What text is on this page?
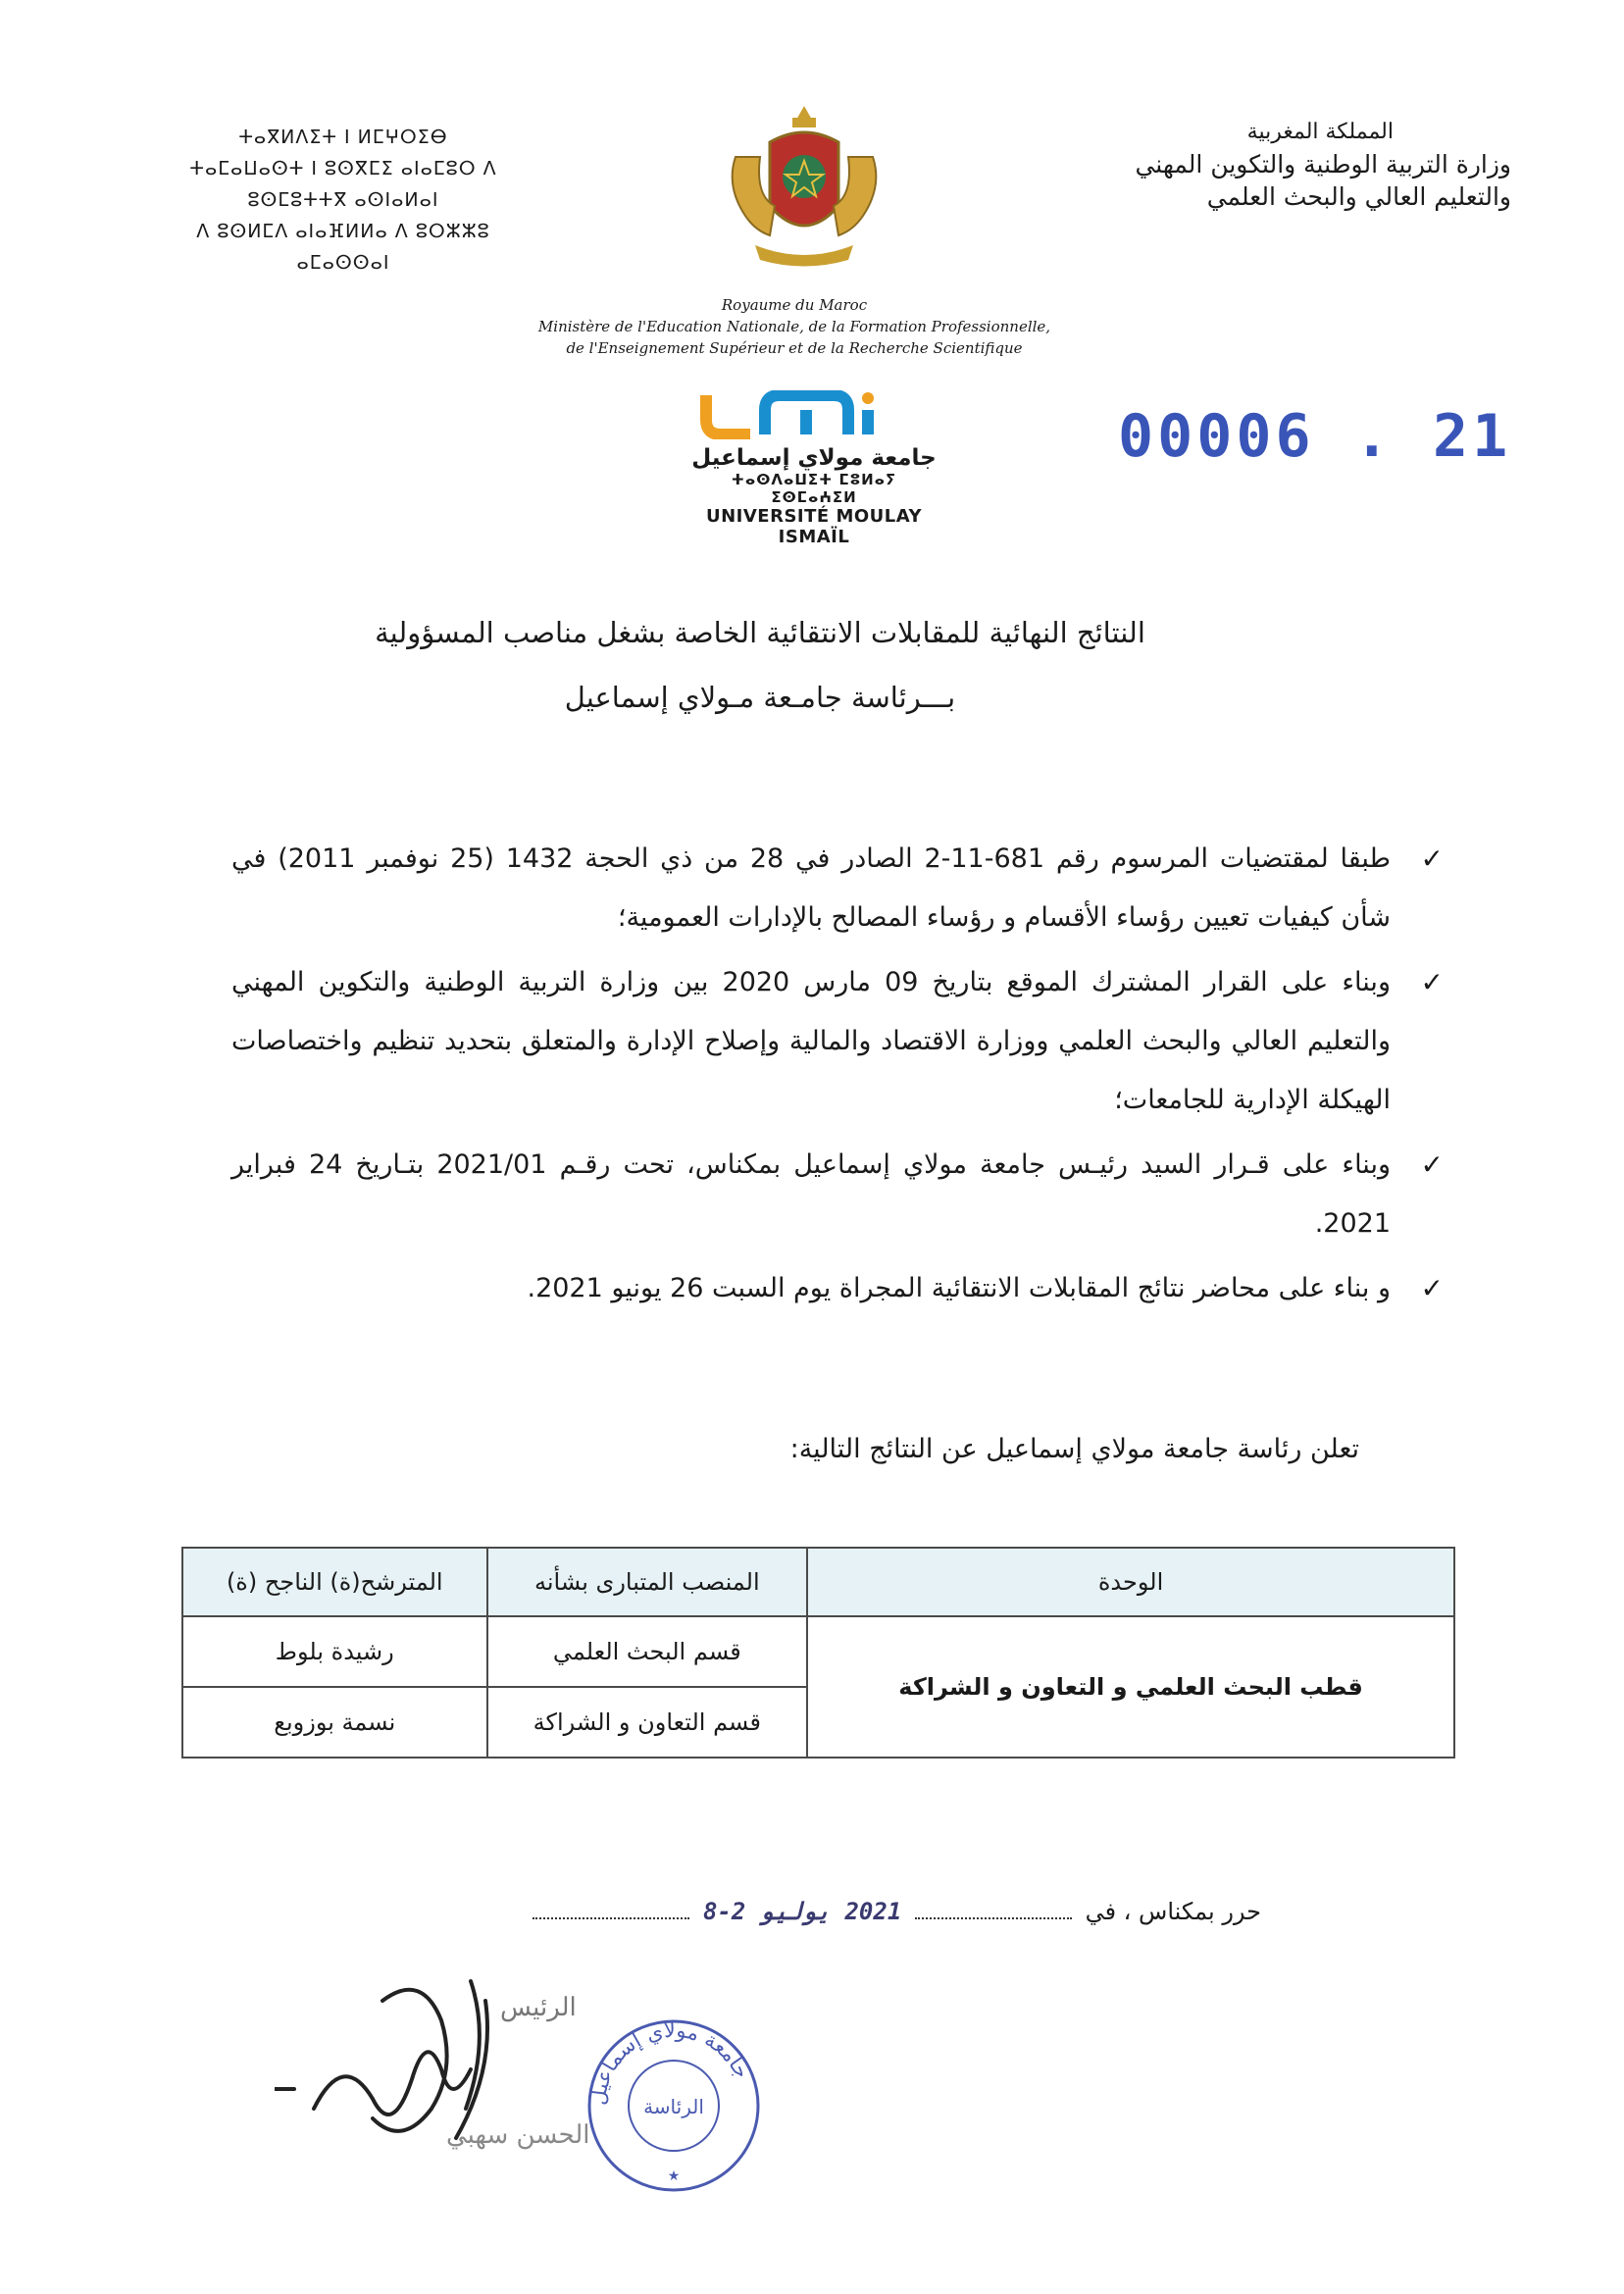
المملكة المغربية
وزارة التربية الوطنية والتكوين المهني
والتعليم العالي والبحث العلمي
ⵜⴰⴳⵍⴷⵉⵜ ⵏ ⵍⵎⵖⵔⵉⴱ
ⵜⴰⵎⴰⵡⴰⵙⵜ ⵏ ⵓⵙⴳⵎⵉ ⴰⵏⴰⵎⵓⵔ ⴷ ⵓⵙⵎⵓⵜⵜⴳ ⴰⵙⵏⴰⵍⴰⵏ
ⴷ ⵓⵙⵍⵎⴷ ⴰⵏⴰⴼⵍⵍⴰ ⴷ ⵓⵔⵣⵣⵓ ⴰⵎⴰⵙⵙⴰⵏ
Royaume du Maroc
Ministère de l'Education Nationale, de la Formation Professionnelle,
de l'Enseignement Supérieur et de la Recherche Scientifique
جامعة مولاي إسماعيل
ⵜⴰⵙⴷⴰⵡⵉⵜ ⵎⵓⵍⴰⵢ ⵉⵙⵎⴰⵄⵉⵍ
UNIVERSITÉ MOULAY ISMAÏL
00006 . 21
النتائج النهائية للمقابلات الانتقائية الخاصة بشغل مناصب المسؤولية
بـــرئاسة جامـعة مـولاي إسماعيل
✓
طبقا لمقتضيات المرسوم رقم 681-11-2 الصادر في 28 من ذي الحجة 1432 (25 نوفمبر 2011) في شأن كيفيات تعيين رؤساء الأقسام و رؤساء المصالح بالإدارات العمومية؛
✓
وبناء على القرار المشترك الموقع بتاريخ 09 مارس 2020 بين وزارة التربية الوطنية والتكوين المهني والتعليم العالي والبحث العلمي ووزارة الاقتصاد والمالية وإصلاح الإدارة والمتعلق بتحديد تنظيم واختصاصات الهيكلة الإدارية للجامعات؛
✓
وبناء على قـرار السيد رئيـس جامعة مولاي إسماعيل بمكناس، تحت رقـم 2021/01 بتـاريخ 24 فبراير 2021.
✓
و بناء على محاضر نتائج المقابلات الانتقائية المجراة يوم السبت 26 يونيو 2021.
تعلن رئاسة جامعة مولاي إسماعيل عن النتائج التالية:
الوحدة	المنصب المتبارى بشأنه	المترشح(ة) الناجح (ة)
قطب البحث العلمي و التعاون و الشراكة	قسم البحث العلمي	رشيدة بلوط
	قسم التعاون و الشراكة	نسمة بوزوبع
حرر بمكناس ، في  2021 يوليو 2-8
الرئيس
الحسن سهبي
جامعة مولاي إسماعيل
الرئاسة
★
